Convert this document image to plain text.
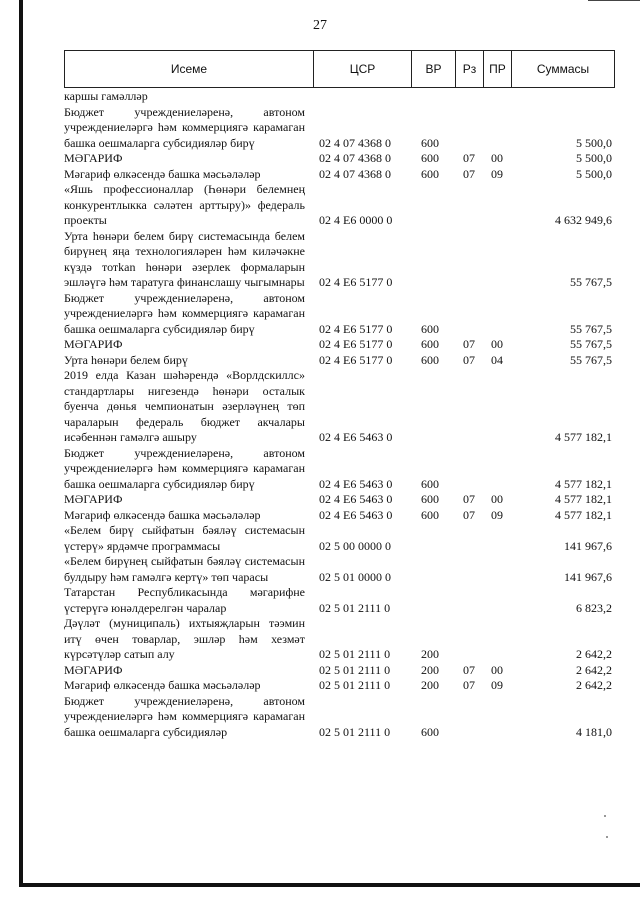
27
Исеме	ЦСР	ВР	Рз	ПР	Суммасы
каршы гамәлләр					
Бюджет учреждениеләренә, автоном учреждениеләргә һәм коммерциягә карамаган башка оешмаларга субсидияләр бирү	02 4 07 4368 0	600			5 500,0
МӘГАРИФ	02 4 07 4368 0	600	07	00	5 500,0
Мәгариф өлкәсендә башка мәсьәләләр	02 4 07 4368 0	600	07	09	5 500,0
«Яшь профессионаллар (Һөнәри белемнең конкурентлыкка сәләтен арттыру)» федераль проекты	02 4 Е6 0000 0				4 632 949,6
Урта һөнәри белем бирү системасында белем бирүнең яңа технологияләрен һәм киләчәкне күздә тотkan һөнәри әзерлек формаларын эшләүгә һәм таратуга финанслашу чыгымнары	02 4 Е6 5177 0				55 767,5
Бюджет учреждениеләренә, автоном учреждениеләргә һәм коммерциягә карамаган башка оешмаларга субсидияләр бирү	02 4 Е6 5177 0	600			55 767,5
МӘГАРИФ	02 4 Е6 5177 0	600	07	00	55 767,5
Урта һөнәри белем бирү	02 4 Е6 5177 0	600	07	04	55 767,5
2019 елда Казан шәһәрендә «Ворлдскиллс» стандартлары нигезендә һөнәри осталык буенча дөнья чемпионатын әзерләүнең төп чараларын федераль бюджет акчалары исәбеннән гамәлгә ашыру	02 4 Е6 5463 0				4 577 182,1
Бюджет учреждениеләренә, автоном учреждениеләргә һәм коммерциягә карамаган башка оешмаларга субсидияләр бирү	02 4 Е6 5463 0	600			4 577 182,1
МӘГАРИФ	02 4 Е6 5463 0	600	07	00	4 577 182,1
Мәгариф өлкәсендә башка мәсьәләләр	02 4 Е6 5463 0	600	07	09	4 577 182,1
«Белем бирү сыйфатын бәяләү системасын үстерү» ярдәмче программасы	02 5 00 0000 0				141 967,6
«Белем бирүнең сыйфатын бәяләү системасын булдыру һәм гамәлгә кертү» төп чарасы	02 5 01 0000 0				141 967,6
Татарстан Республикасында мәгарифне үстерүгә юнәлдерелгән чаралар	02 5 01 2111 0				6 823,2
Дәүләт (муниципаль) ихтыяҗларын тәэмин итү өчен товарлар, эшләр һәм хезмәт күрсәтүләр сатып алу	02 5 01 2111 0	200			2 642,2
МӘГАРИФ	02 5 01 2111 0	200	07	00	2 642,2
Мәгариф өлкәсендә башка мәсьәләләр	02 5 01 2111 0	200	07	09	2 642,2
Бюджет учреждениеләренә, автоном учреждениеләргә һәм коммерциягә карамаган башка оешмаларга субсидияләр	02 5 01 2111 0	600			4 181,0
